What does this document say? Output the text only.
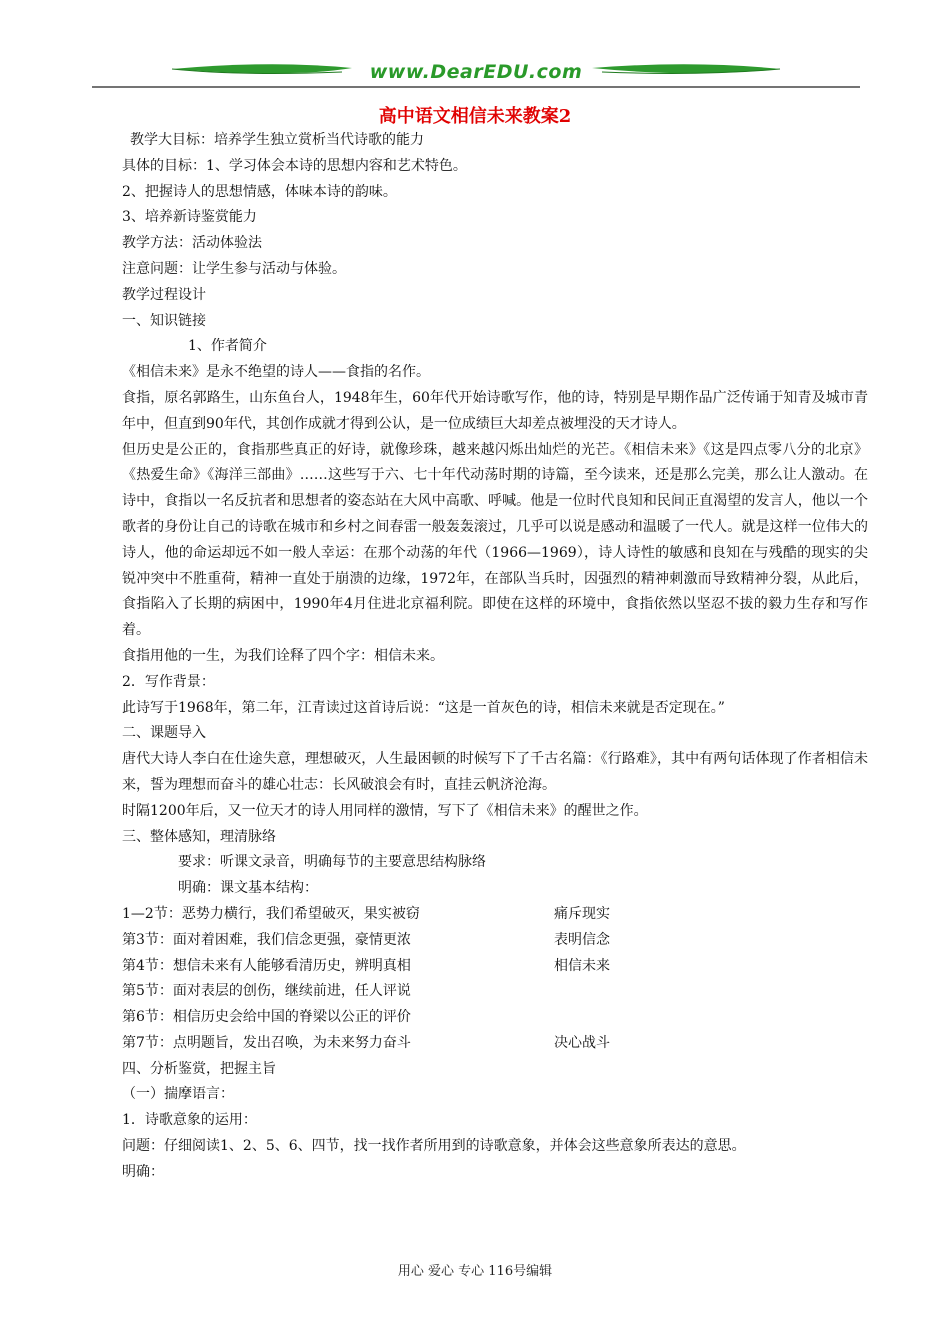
www.DearEDU.com
高中语文相信未来教案2

教学大目标：培养学生独立赏析当代诗歌的能力

具体的目标：1、学习体会本诗的思想内容和艺术特色。

2、把握诗人的思想情感，体味本诗的韵味。

3、培养新诗鉴赏能力

教学方法：活动体验法

注意问题：让学生参与活动与体验。

教学过程设计

一、知识链接

1、作者简介

《相信未来》是永不绝望的诗人——食指的名作。

食指，原名郭路生，山东鱼台人，1948年生，60年代开始诗歌写作，他的诗，特别是早期作品广泛传诵于知青及城市青年中，但直到90年代，其创作成就才得到公认，是一位成绩巨大却差点被埋没的天才诗人。

但历史是公正的，食指那些真正的好诗，就像珍珠，越来越闪烁出灿烂的光芒。《相信未来》《这是四点零八分的北京》《热爱生命》《海洋三部曲》……这些写于六、七十年代动荡时期的诗篇，至今读来，还是那么完美，那么让人激动。在诗中，食指以一名反抗者和思想者的姿态站在大风中高歌、呼喊。他是一位时代良知和民间正直渴望的发言人，他以一个歌者的身份让自己的诗歌在城市和乡村之间春雷一般轰轰滚过，几乎可以说是感动和温暖了一代人。就是这样一位伟大的诗人，他的命运却远不如一般人幸运：在那个动荡的年代（1966—1969），诗人诗性的敏感和良知在与残酷的现实的尖锐冲突中不胜重荷，精神一直处于崩溃的边缘，1972年，在部队当兵时，因强烈的精神刺激而导致精神分裂，从此后，食指陷入了长期的病困中，1990年4月住进北京福利院。即使在这样的环境中，食指依然以坚忍不拔的毅力生存和写作着。

食指用他的一生，为我们诠释了四个字：相信未来。

2．写作背景：

此诗写于1968年，第二年，江青读过这首诗后说：“这是一首灰色的诗，相信未来就是否定现在。”

二、课题导入

唐代大诗人李白在仕途失意，理想破灭，人生最困顿的时候写下了千古名篇：《行路难》，其中有两句话体现了作者相信未来，誓为理想而奋斗的雄心壮志：长风破浪会有时，直挂云帆济沧海。

时隔1200年后，又一位天才的诗人用同样的激情，写下了《相信未来》的醒世之作。

三、整体感知，理清脉络

要求：听课文录音，明确每节的主要意思结构脉络

明确：课文基本结构：

1—2节：恶势力横行，我们希望破灭，果实被窃	痛斥现实
第3节：面对着困难，我们信念更强，豪情更浓	表明信念
第4节：想信未来有人能够看清历史，辨明真相	相信未来
第5节：面对表层的创伤，继续前进，任人评说
第6节：相信历史会给中国的脊梁以公正的评价
第7节：点明题旨，发出召唤，为未来努力奋斗	决心战斗

四、分析鉴赏，把握主旨

（一）揣摩语言：

1．诗歌意象的运用：

问题：仔细阅读1、2、5、6、四节，找一找作者所用到的诗歌意象，并体会这些意象所表达的意思。

明确：

用心 爱心 专心 116号编辑
